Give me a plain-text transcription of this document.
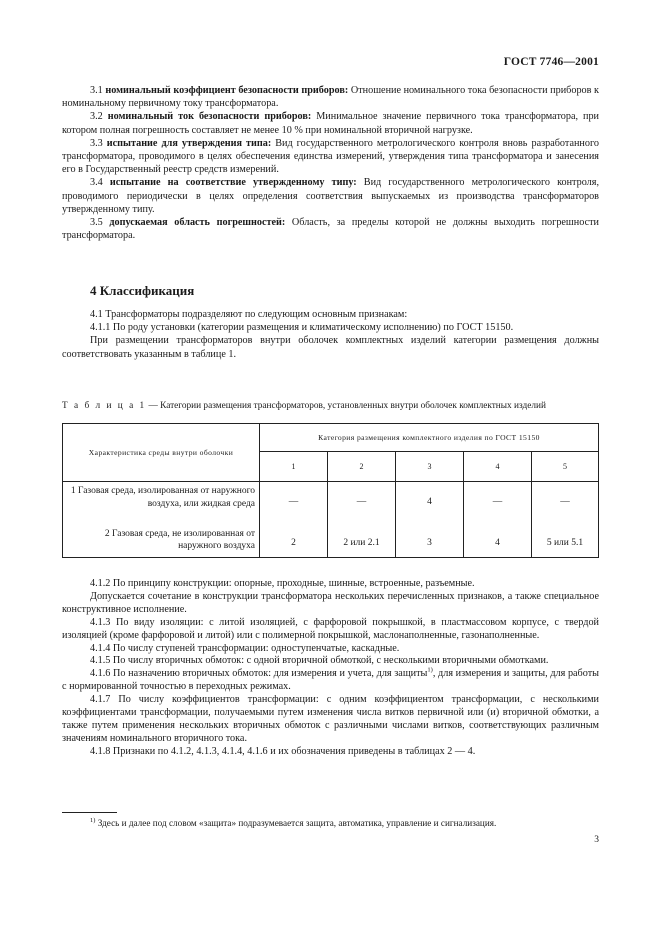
ГОСТ 7746—2001

3.1 номинальный коэффициент безопасности приборов: Отношение номинального тока безопасности приборов к номинальному первичному току трансформатора.

3.2 номинальный ток безопасности приборов: Минимальное значение первичного тока трансформатора, при котором полная погрешность составляет не менее 10 % при номинальной вторичной нагрузке.

3.3 испытание для утверждения типа: Вид государственного метрологического контроля вновь разработанного трансформатора, проводимого в целях обеспечения единства измерений, утверждения типа трансформатора и занесения его в Государственный реестр средств измерений.

3.4 испытание на соответствие утвержденному типу: Вид государственного метрологического контроля, проводимого периодически в целях определения соответствия выпускаемых из производства трансформаторов утвержденному типу.

3.5 допускаемая область погрешностей: Область, за пределы которой не должны выходить погрешности трансформатора.

4 Классификация

4.1 Трансформаторы подразделяют по следующим основным признакам:

4.1.1 По роду установки (категории размещения и климатическому исполнению) по ГОСТ 15150.

При размещении трансформаторов внутри оболочек комплектных изделий категории размещения должны соответствовать указанным в таблице 1.

Т а б л и ц а 1 — Категории размещения трансформаторов, установленных внутри оболочек комплектных изделий
Характеристика среды внутри оболочки	Категория размещения комплектного изделия по ГОСТ 15150				
	1	2	3	4	5
1 Газовая среда, изолированная от наружного воздуха, или жидкая среда	—	—	4	—	—
2 Газовая среда, не изолированная от наружного воздуха	2	2 или 2.1	3	4	5 или 5.1

4.1.2 По принципу конструкции: опорные, проходные, шинные, встроенные, разъемные.

Допускается сочетание в конструкции трансформатора нескольких перечисленных признаков, а также специальное конструктивное исполнение.

4.1.3 По виду изоляции: с литой изоляцией, с фарфоровой покрышкой, в пластмассовом корпусе, с твердой изоляцией (кроме фарфоровой и литой) или с полимерной покрышкой, маслонаполненные, газонаполненные.

4.1.4 По числу ступеней трансформации: одноступенчатые, каскадные.

4.1.5 По числу вторичных обмоток: с одной вторичной обмоткой, с несколькими вторичными обмотками.

4.1.6 По назначению вторичных обмоток: для измерения и учета, для защиты$^{1)}$, для измерения и защиты, для работы с нормированной точностью в переходных режимах.

4.1.7 По числу коэффициентов трансформации: с одним коэффициентом трансформации, с несколькими коэффициентами трансформации, получаемыми путем изменения числа витков первичной или (и) вторичной обмотки, а также путем применения нескольких вторичных обмоток с различными числами витков, соответствующих различным значениям номинального вторичного тока.

4.1.8 Признаки по 4.1.2, 4.1.3, 4.1.4, 4.1.6 и их обозначения приведены в таблицах 2 — 4.

$^{1)}$ Здесь и далее под словом «защита» подразумевается защита, автоматика, управление и сигнализация.
3
